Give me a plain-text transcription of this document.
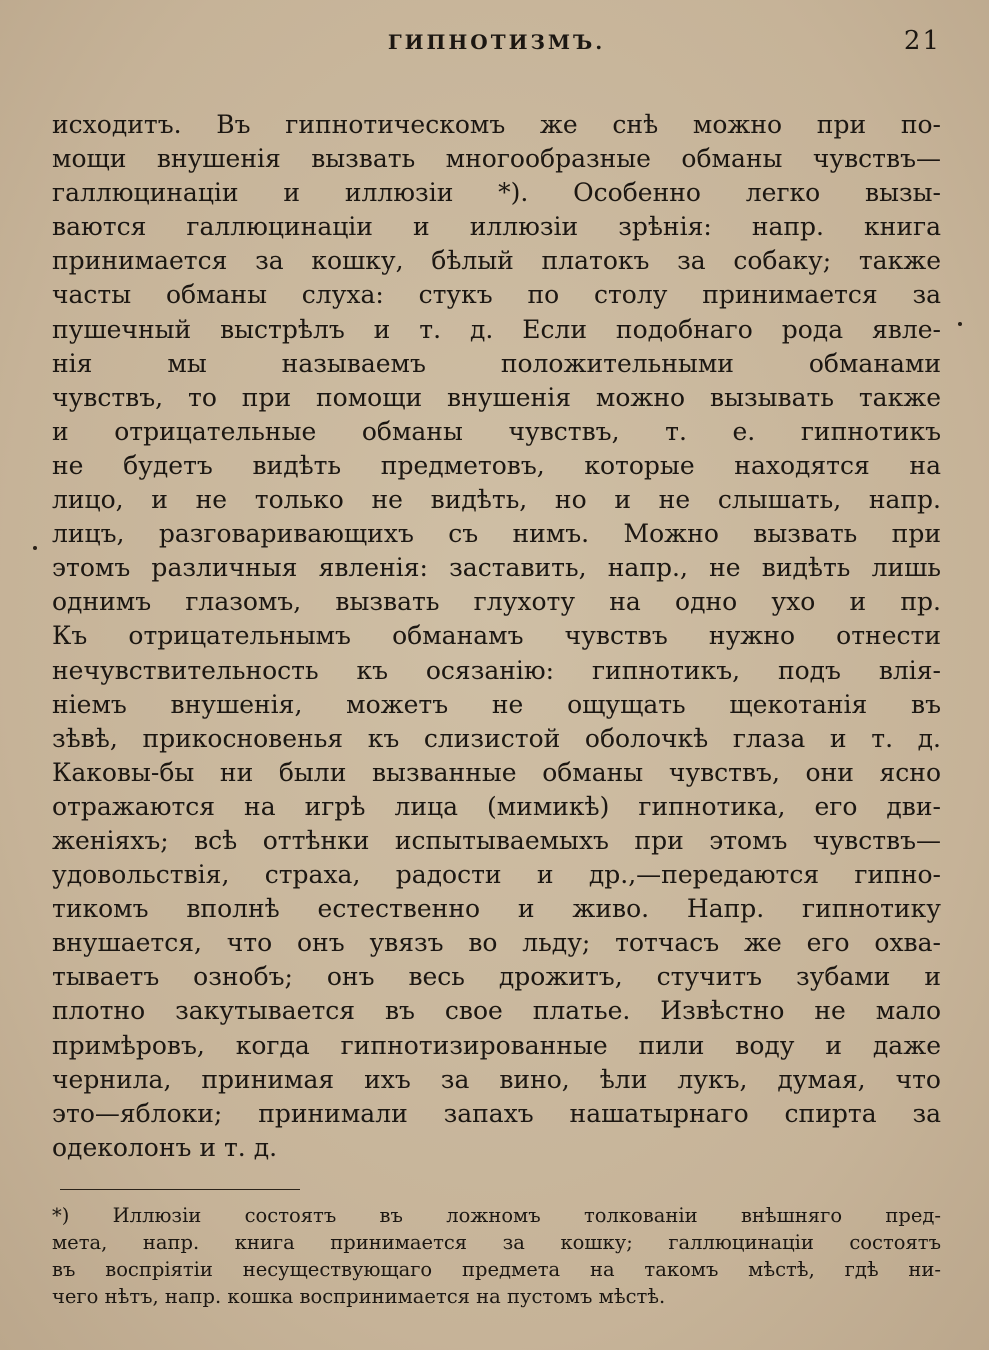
ГИПНОТИЗМЪ.	21
исходитъ. Въ гипнотическомъ же снѣ можно при по-
мощи внушенія вызвать многообразные обманы чувствъ—
галлюцинаціи и иллюзіи *). Особенно легко вызы-
ваются галлюцинаціи и иллюзіи зрѣнія: напр. книга
принимается за кошку, бѣлый платокъ за собаку; также
часты обманы слуха: стукъ по столу принимается за
пушечный выстрѣлъ и т. д. Если подобнаго рода явле-
нія мы называемъ положительными обманами
чувствъ, то при помощи внушенія можно вызывать также
и отрицательные обманы чувствъ, т. е. гипнотикъ
не будетъ видѣть предметовъ, которые находятся на
лицо, и не только не видѣть, но и не слышать, напр.
лицъ, разговаривающихъ съ нимъ. Можно вызвать при
этомъ различныя явленія: заставить, напр., не видѣть лишь
однимъ глазомъ, вызвать глухоту на одно ухо и пр.
Къ отрицательнымъ обманамъ чувствъ нужно отнести
нечувствительность къ осязанію: гипнотикъ, подъ влія-
ніемъ внушенія, можетъ не ощущать щекотанія въ
зѣвѣ, прикосновенья къ слизистой оболочкѣ глаза и т. д.
Каковы-бы ни были вызванные обманы чувствъ, они ясно
отражаются на игрѣ лица (мимикѣ) гипнотика, его дви-
женіяхъ; всѣ оттѣнки испытываемыхъ при этомъ чувствъ—
удовольствія, страха, радости и др.,—передаются гипно-
тикомъ вполнѣ естественно и живо. Напр. гипнотику
внушается, что онъ увязъ во льду; тотчасъ же его охва-
тываетъ ознобъ; онъ весь дрожитъ, стучитъ зубами и
плотно закутывается въ свое платье. Извѣстно не мало
примѣровъ, когда гипнотизированные пили воду и даже
чернила, принимая ихъ за вино, ѣли лукъ, думая, что
это—яблоки; принимали запахъ нашатырнаго спирта за
одеколонъ и т. д.
*) Иллюзіи состоятъ въ ложномъ толкованіи внѣшняго пред-
мета, напр. книга принимается за кошку; галлюцинаціи состоятъ
въ воспріятіи несуществующаго предмета на такомъ мѣстѣ, гдѣ ни-
чего нѣтъ, напр. кошка воспринимается на пустомъ мѣстѣ.
